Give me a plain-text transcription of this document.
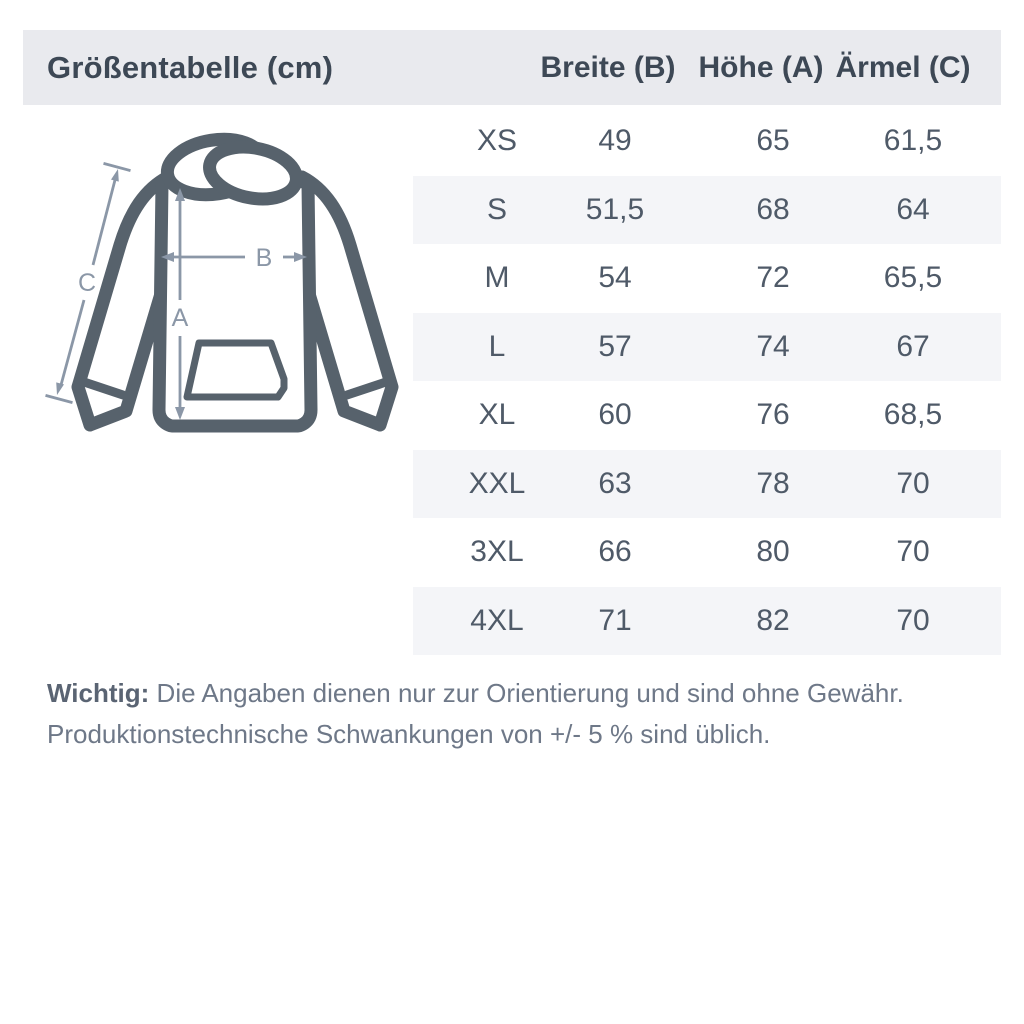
Größentabelle (cm)	Breite (B) Höhe (A) Ärmel (C)
XS	49	65	61,5
S	51,5	68	64
M	54	72	65,5
L	57	74	67
XL	60	76	68,5
XXL 63	78	70
3XL 66	80	70
4XL 71	82	70
A
B
C
Wichtig: Die Angaben dienen nur zur Orientierung und sind ohne Gewähr.
Produktionstechnische Schwankungen von +/- 5 % sind üblich.
